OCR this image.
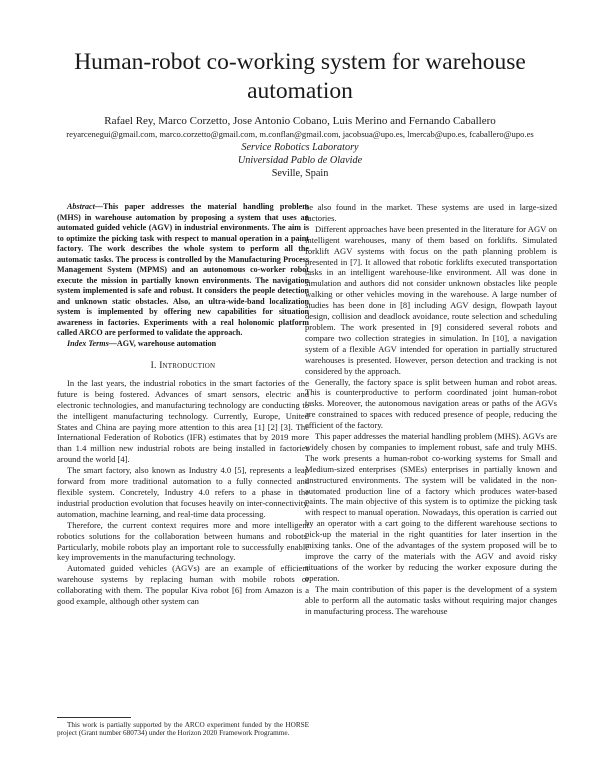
Human-robot co-working system for warehouse automation
Rafael Rey, Marco Corzetto, Jose Antonio Cobano, Luis Merino and Fernando Caballero
reyarcenegui@gmail.com, marco.corzetto@gmail.com, m.conflan@gmail.com, jacobsua@upo.es, lmercab@upo.es, fcaballero@upo.es
Service Robotics Laboratory
Universidad Pablo de Olavide
Seville, Spain

Abstract—This paper addresses the material handling problem (MHS) in warehouse automation by proposing a system that uses an automated guided vehicle (AGV) in industrial environments. The aim is to optimize the picking task with respect to manual operation in a paint factory. The work describes the whole system to perform all the automatic tasks. The process is controlled by the Manufacturing Process Management System (MPMS) and an autonomous co-worker robot execute the mission in partially known environments. The navigation system implemented is safe and robust. It considers the people detection and unknown static obstacles. Also, an ultra-wide-band localization system is implemented by offering new capabilities for situation awareness in factories. Experiments with a real holonomic platform called ARCO are performed to validate the approach.

Index Terms—AGV, warehouse automation

I. Introduction

In the last years, the industrial robotics in the smart factories of the future is being fostered. Advances of smart sensors, electric and electronic technologies, and manufacturing technology are conducting to the intelligent manufacturing technology. Currently, Europe, United States and China are paying more attention to this area [1] [2] [3]. The International Federation of Robotics (IFR) estimates that by 2019 more than 1.4 million new industrial robots are being installed in factories around the world [4].

The smart factory, also known as Industry 4.0 [5], represents a leap forward from more traditional automation to a fully connected and flexible system. Concretely, Industry 4.0 refers to a phase in the industrial production evolution that focuses heavily on inter-connectivity, automation, machine learning, and real-time data processing.

Therefore, the current context requires more and more intelligent robotics solutions for the collaboration between humans and robots. Particularly, mobile robots play an important role to successfully enable key improvements in the manufacturing technology.

Automated guided vehicles (AGVs) are an example of efficient warehouse systems by replacing human with mobile robots or collaborating with them. The popular Kiva robot [6] from Amazon is a good example, although other system can

This work is partially supported by the ARCO experiment funded by the HORSE project (Grant number 680734) under the Horizon 2020 Framework Programme.

be also found in the market. These systems are used in large-sized factories.

Different approaches have been presented in the literature for AGV on intelligent warehouses, many of them based on forklifts. Simulated forklift AGV systems with focus on the path planning problem is presented in [7]. It allowed that robotic forklifts executed transportation tasks in an intelligent warehouse-like environment. All was done in simulation and authors did not consider unknown obstacles like people walking or other vehicles moving in the warehouse. A large number of studies has been done in [8] including AGV design, flowpath layout design, collision and deadlock avoidance, route selection and scheduling problem. The work presented in [9] considered several robots and compare two collection strategies in simulation. In [10], a navigation system of a flexible AGV intended for operation in partially structured warehouses is presented. However, person detection and tracking is not considered by the approach.

Generally, the factory space is split between human and robot areas. This is counterproductive to perform coordinated joint human-robot tasks. Moreover, the autonomous navigation areas or paths of the AGVs are constrained to spaces with reduced presence of people, reducing the efficient of the factory.

This paper addresses the material handling problem (MHS). AGVs are widely chosen by companies to implement robust, safe and truly MHS. The work presents a human-robot co-working systems for Small and Medium-sized enterprises (SMEs) enterprises in partially known and unstructured environments. The system will be validated in the non-automated production line of a factory which produces water-based paints. The main objective of this system is to optimize the picking task with respect to manual operation. Nowadays, this operation is carried out by an operator with a cart going to the different warehouse sections to pick-up the material in the right quantities for later insertion in the mixing tanks. One of the advantages of the system proposed will be to improve the carry of the materials with the AGV and avoid risky situations of the worker by reducing the worker exposure during the operation.

The main contribution of this paper is the development of a system able to perform all the automatic tasks without requiring major changes in manufacturing process. The warehouse
